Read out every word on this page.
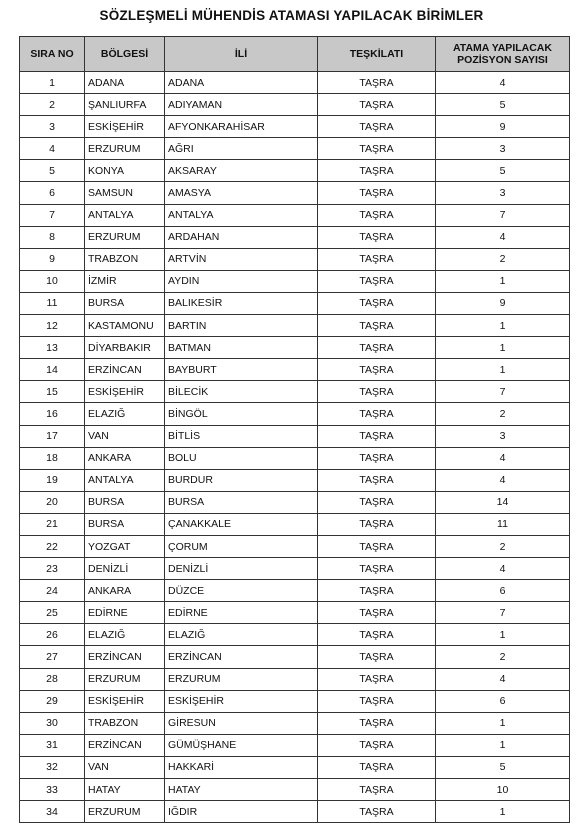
SÖZLEŞMELİ MÜHENDİS ATAMASI YAPILACAK BİRİMLER
SIRA NO	BÖLGESİ	İLİ	TEŞKİLATI	ATAMA YAPILACAK
POZİSYON SAYISI
1	ADANA	ADANA	TAŞRA	4
2	ŞANLIURFA	ADIYAMAN	TAŞRA	5
3	ESKİŞEHİR	AFYONKARAHİSAR	TAŞRA	9
4	ERZURUM	AĞRI	TAŞRA	3
5	KONYA	AKSARAY	TAŞRA	5
6	SAMSUN	AMASYA	TAŞRA	3
7	ANTALYA	ANTALYA	TAŞRA	7
8	ERZURUM	ARDAHAN	TAŞRA	4
9	TRABZON	ARTVİN	TAŞRA	2
10	İZMİR	AYDIN	TAŞRA	1
11	BURSA	BALIKESİR	TAŞRA	9
12	KASTAMONU	BARTIN	TAŞRA	1
13	DİYARBAKIR	BATMAN	TAŞRA	1
14	ERZİNCAN	BAYBURT	TAŞRA	1
15	ESKİŞEHİR	BİLECİK	TAŞRA	7
16	ELAZIĞ	BİNGÖL	TAŞRA	2
17	VAN	BİTLİS	TAŞRA	3
18	ANKARA	BOLU	TAŞRA	4
19	ANTALYA	BURDUR	TAŞRA	4
20	BURSA	BURSA	TAŞRA	14
21	BURSA	ÇANAKKALE	TAŞRA	11
22	YOZGAT	ÇORUM	TAŞRA	2
23	DENİZLİ	DENİZLİ	TAŞRA	4
24	ANKARA	DÜZCE	TAŞRA	6
25	EDİRNE	EDİRNE	TAŞRA	7
26	ELAZIĞ	ELAZIĞ	TAŞRA	1
27	ERZİNCAN	ERZİNCAN	TAŞRA	2
28	ERZURUM	ERZURUM	TAŞRA	4
29	ESKİŞEHİR	ESKİŞEHİR	TAŞRA	6
30	TRABZON	GİRESUN	TAŞRA	1
31	ERZİNCAN	GÜMÜŞHANE	TAŞRA	1
32	VAN	HAKKARİ	TAŞRA	5
33	HATAY	HATAY	TAŞRA	10
34	ERZURUM	IĞDIR	TAŞRA	1
